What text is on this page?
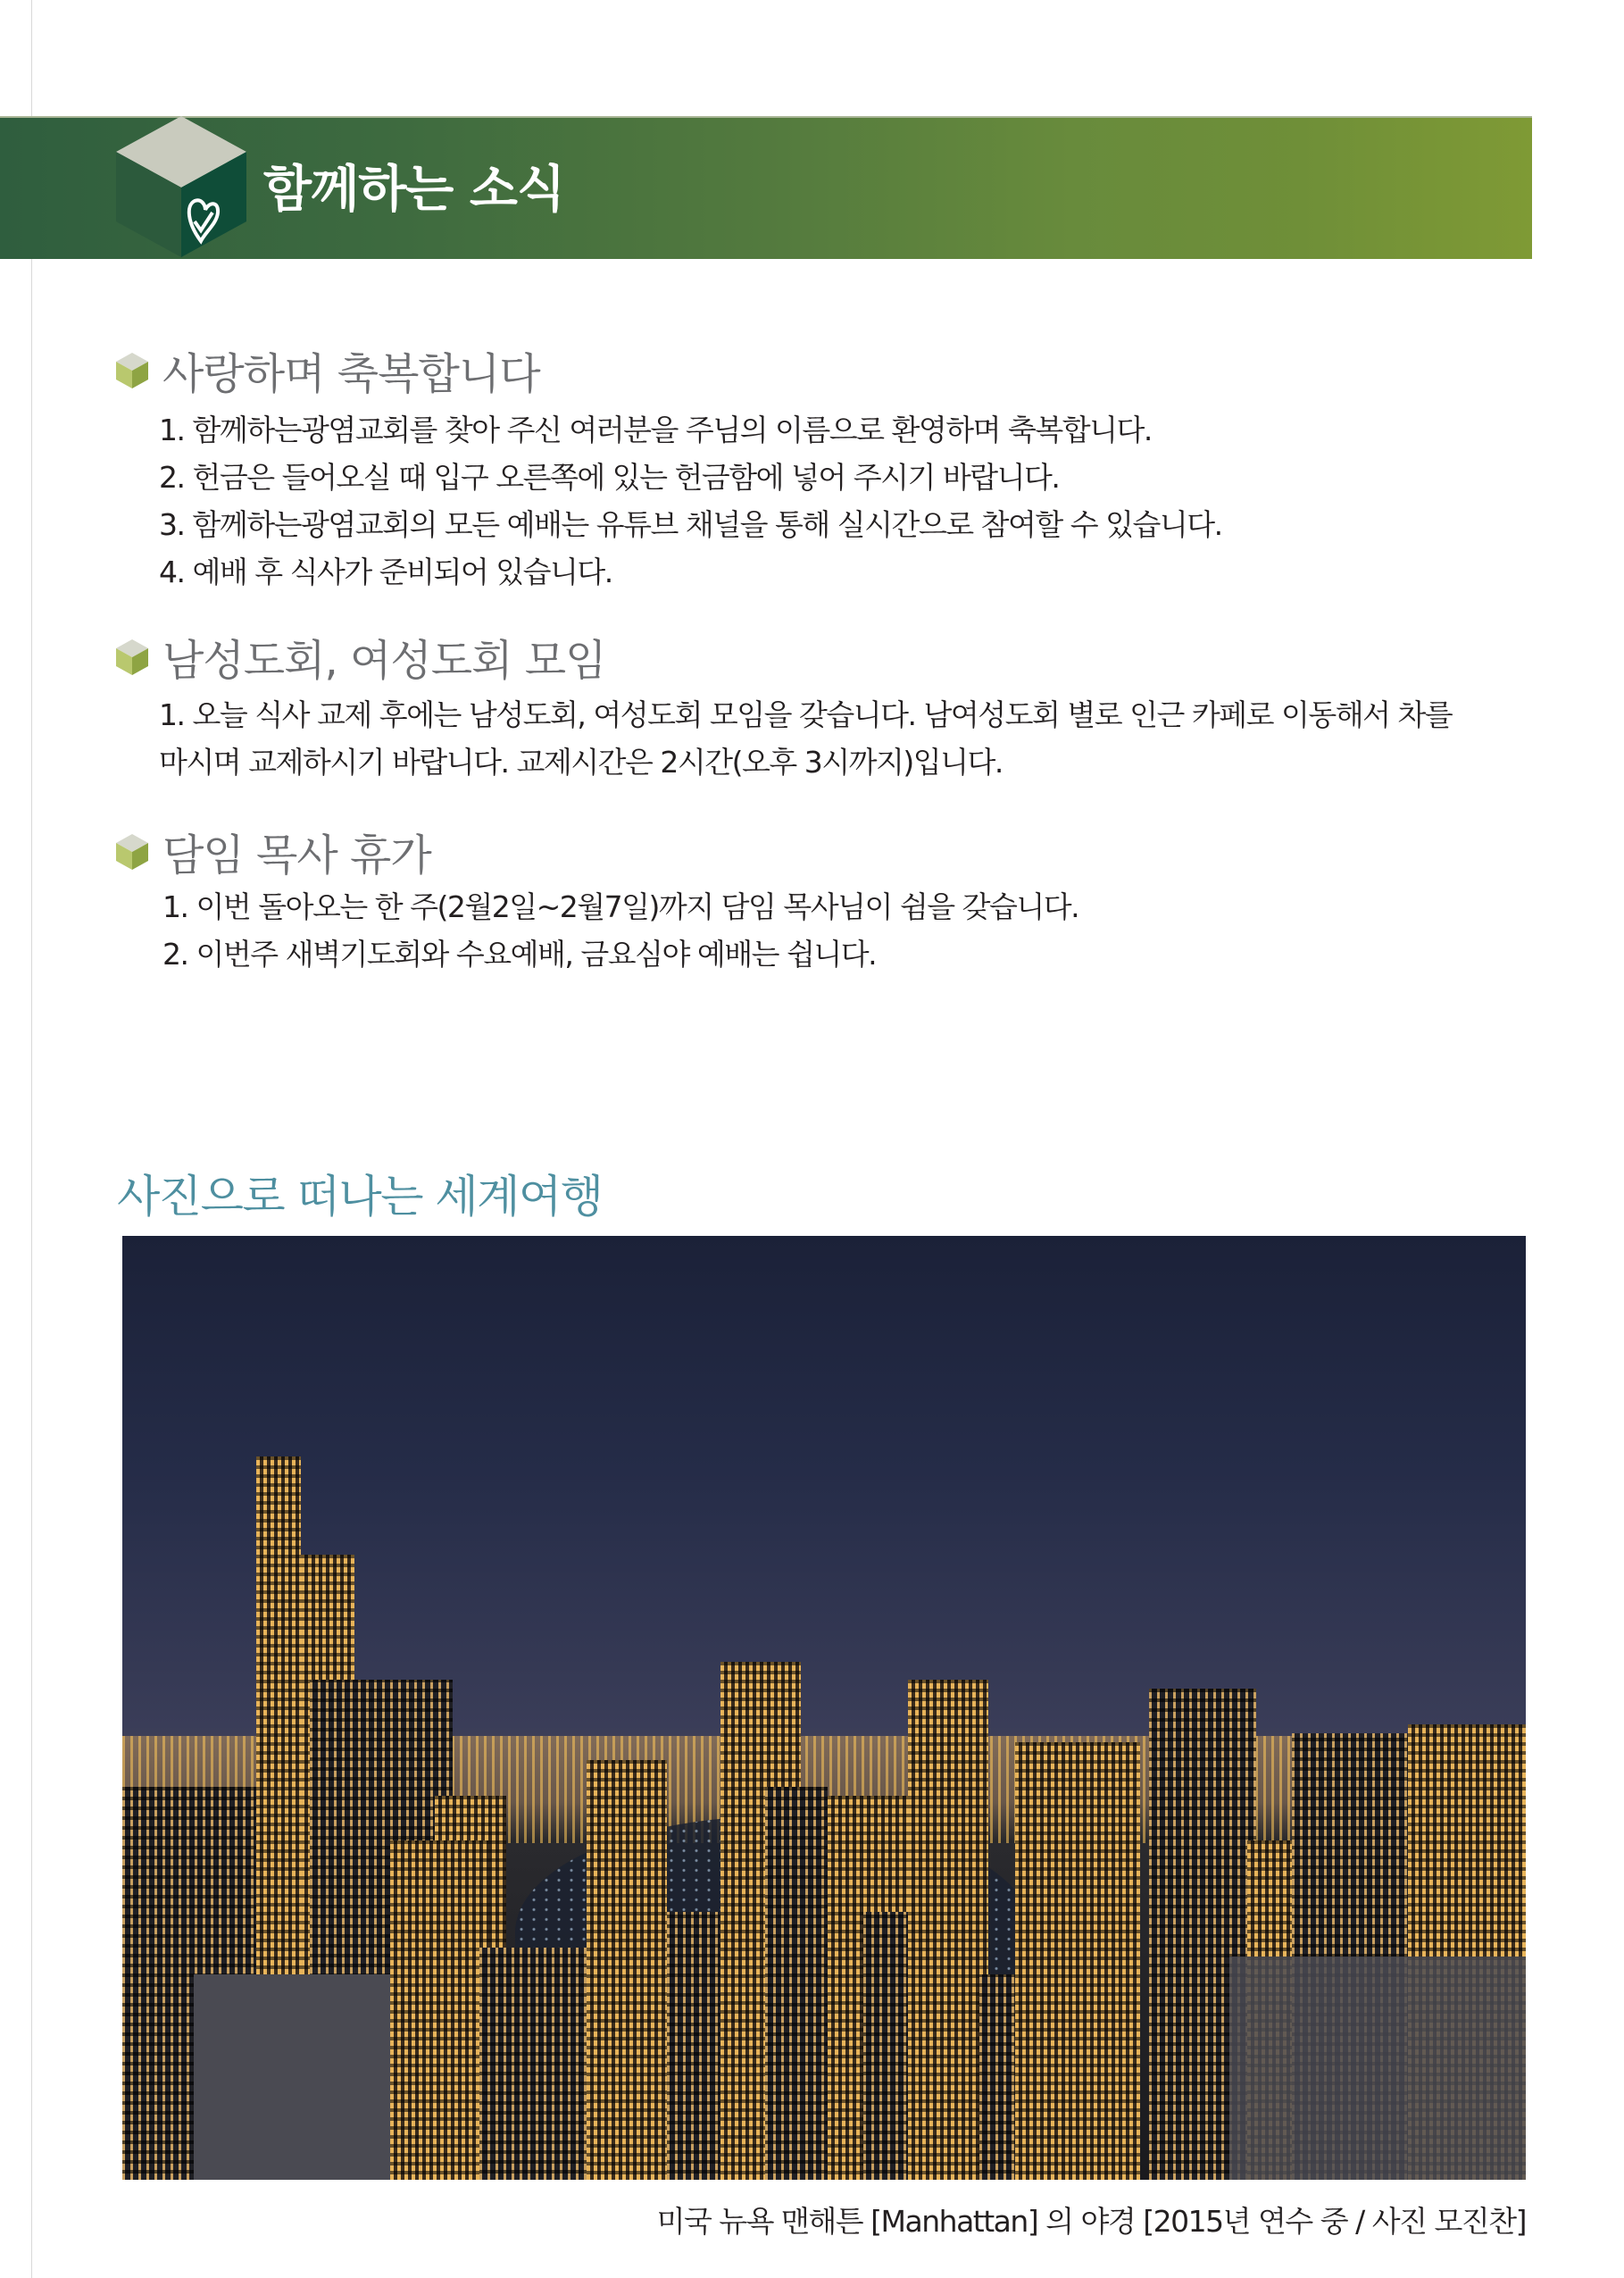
함께하는 소식
사랑하며 축복합니다
1. 함께하는광염교회를 찾아 주신 여러분을 주님의 이름으로 환영하며 축복합니다.
2. 헌금은 들어오실 때 입구 오른쪽에 있는 헌금함에 넣어 주시기 바랍니다.
3. 함께하는광염교회의 모든 예배는 유튜브 채널을 통해 실시간으로 참여할 수 있습니다.
4. 예배 후 식사가 준비되어 있습니다.
남성도회, 여성도회 모임
1. 오늘 식사 교제 후에는 남성도회, 여성도회 모임을 갖습니다. 남여성도회 별로 인근 카페로 이동해서 차를
마시며 교제하시기 바랍니다. 교제시간은 2시간(오후 3시까지)입니다.
담임 목사 휴가
1. 이번 돌아오는 한 주(2월2일~2월7일)까지 담임 목사님이 쉼을 갖습니다.
2. 이번주 새벽기도회와 수요예배, 금요심야 예배는 쉽니다.
사진으로 떠나는 세계여행
미국 뉴욕 맨해튼 [Manhattan] 의 야경 [2015년 연수 중 / 사진 모진찬]
